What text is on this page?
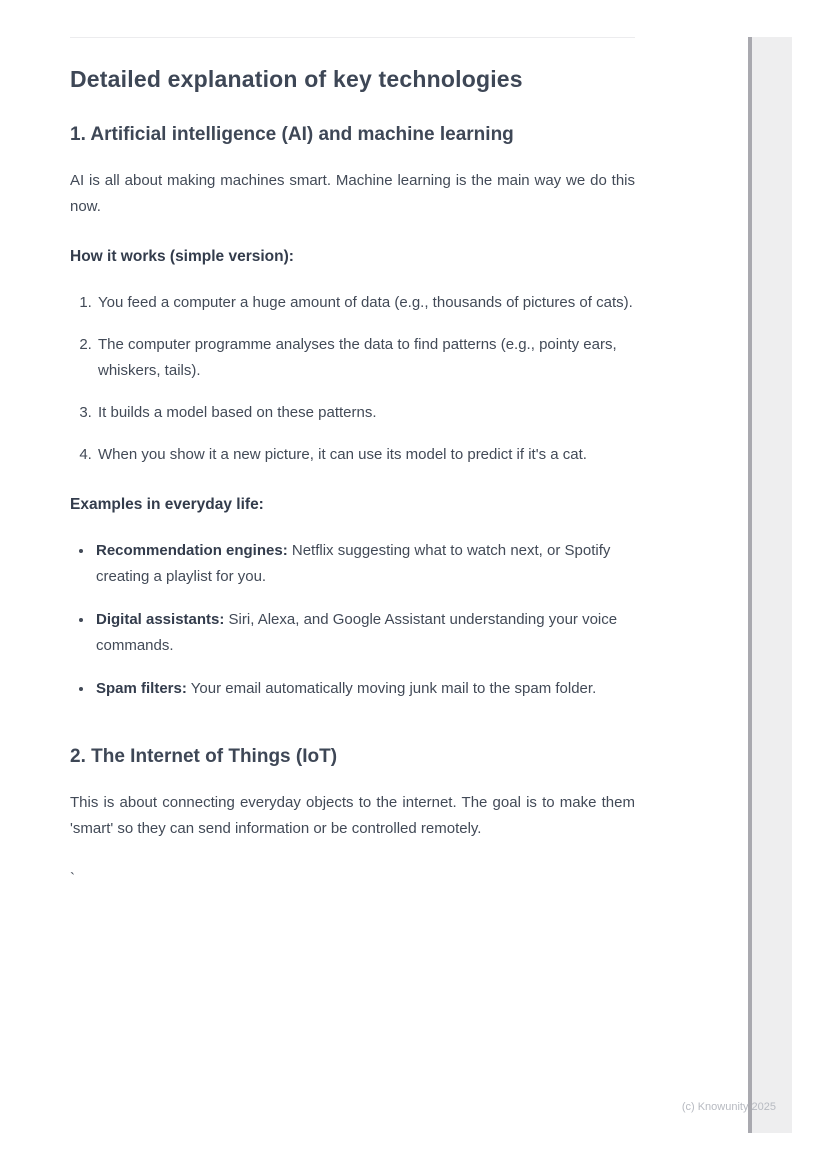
Detailed explanation of key technologies
1. Artificial intelligence (AI) and machine learning

AI is all about making machines smart. Machine learning is the main way we do this now.

How it works (simple version):

1. You feed a computer a huge amount of data (e.g., thousands of pictures of cats).
2. The computer programme analyses the data to find patterns (e.g., pointy ears, whiskers, tails).
3. It builds a model based on these patterns.
4. When you show it a new picture, it can use its model to predict if it's a cat.

Examples in everyday life:

• Recommendation engines: Netflix suggesting what to watch next, or Spotify creating a playlist for you.
• Digital assistants: Siri, Alexa, and Google Assistant understanding your voice commands.
• Spam filters: Your email automatically moving junk mail to the spam folder.
2. The Internet of Things (IoT)

This is about connecting everyday objects to the internet. The goal is to make them 'smart' so they can send information or be controlled remotely.

`

(c) Knowunity 2025
